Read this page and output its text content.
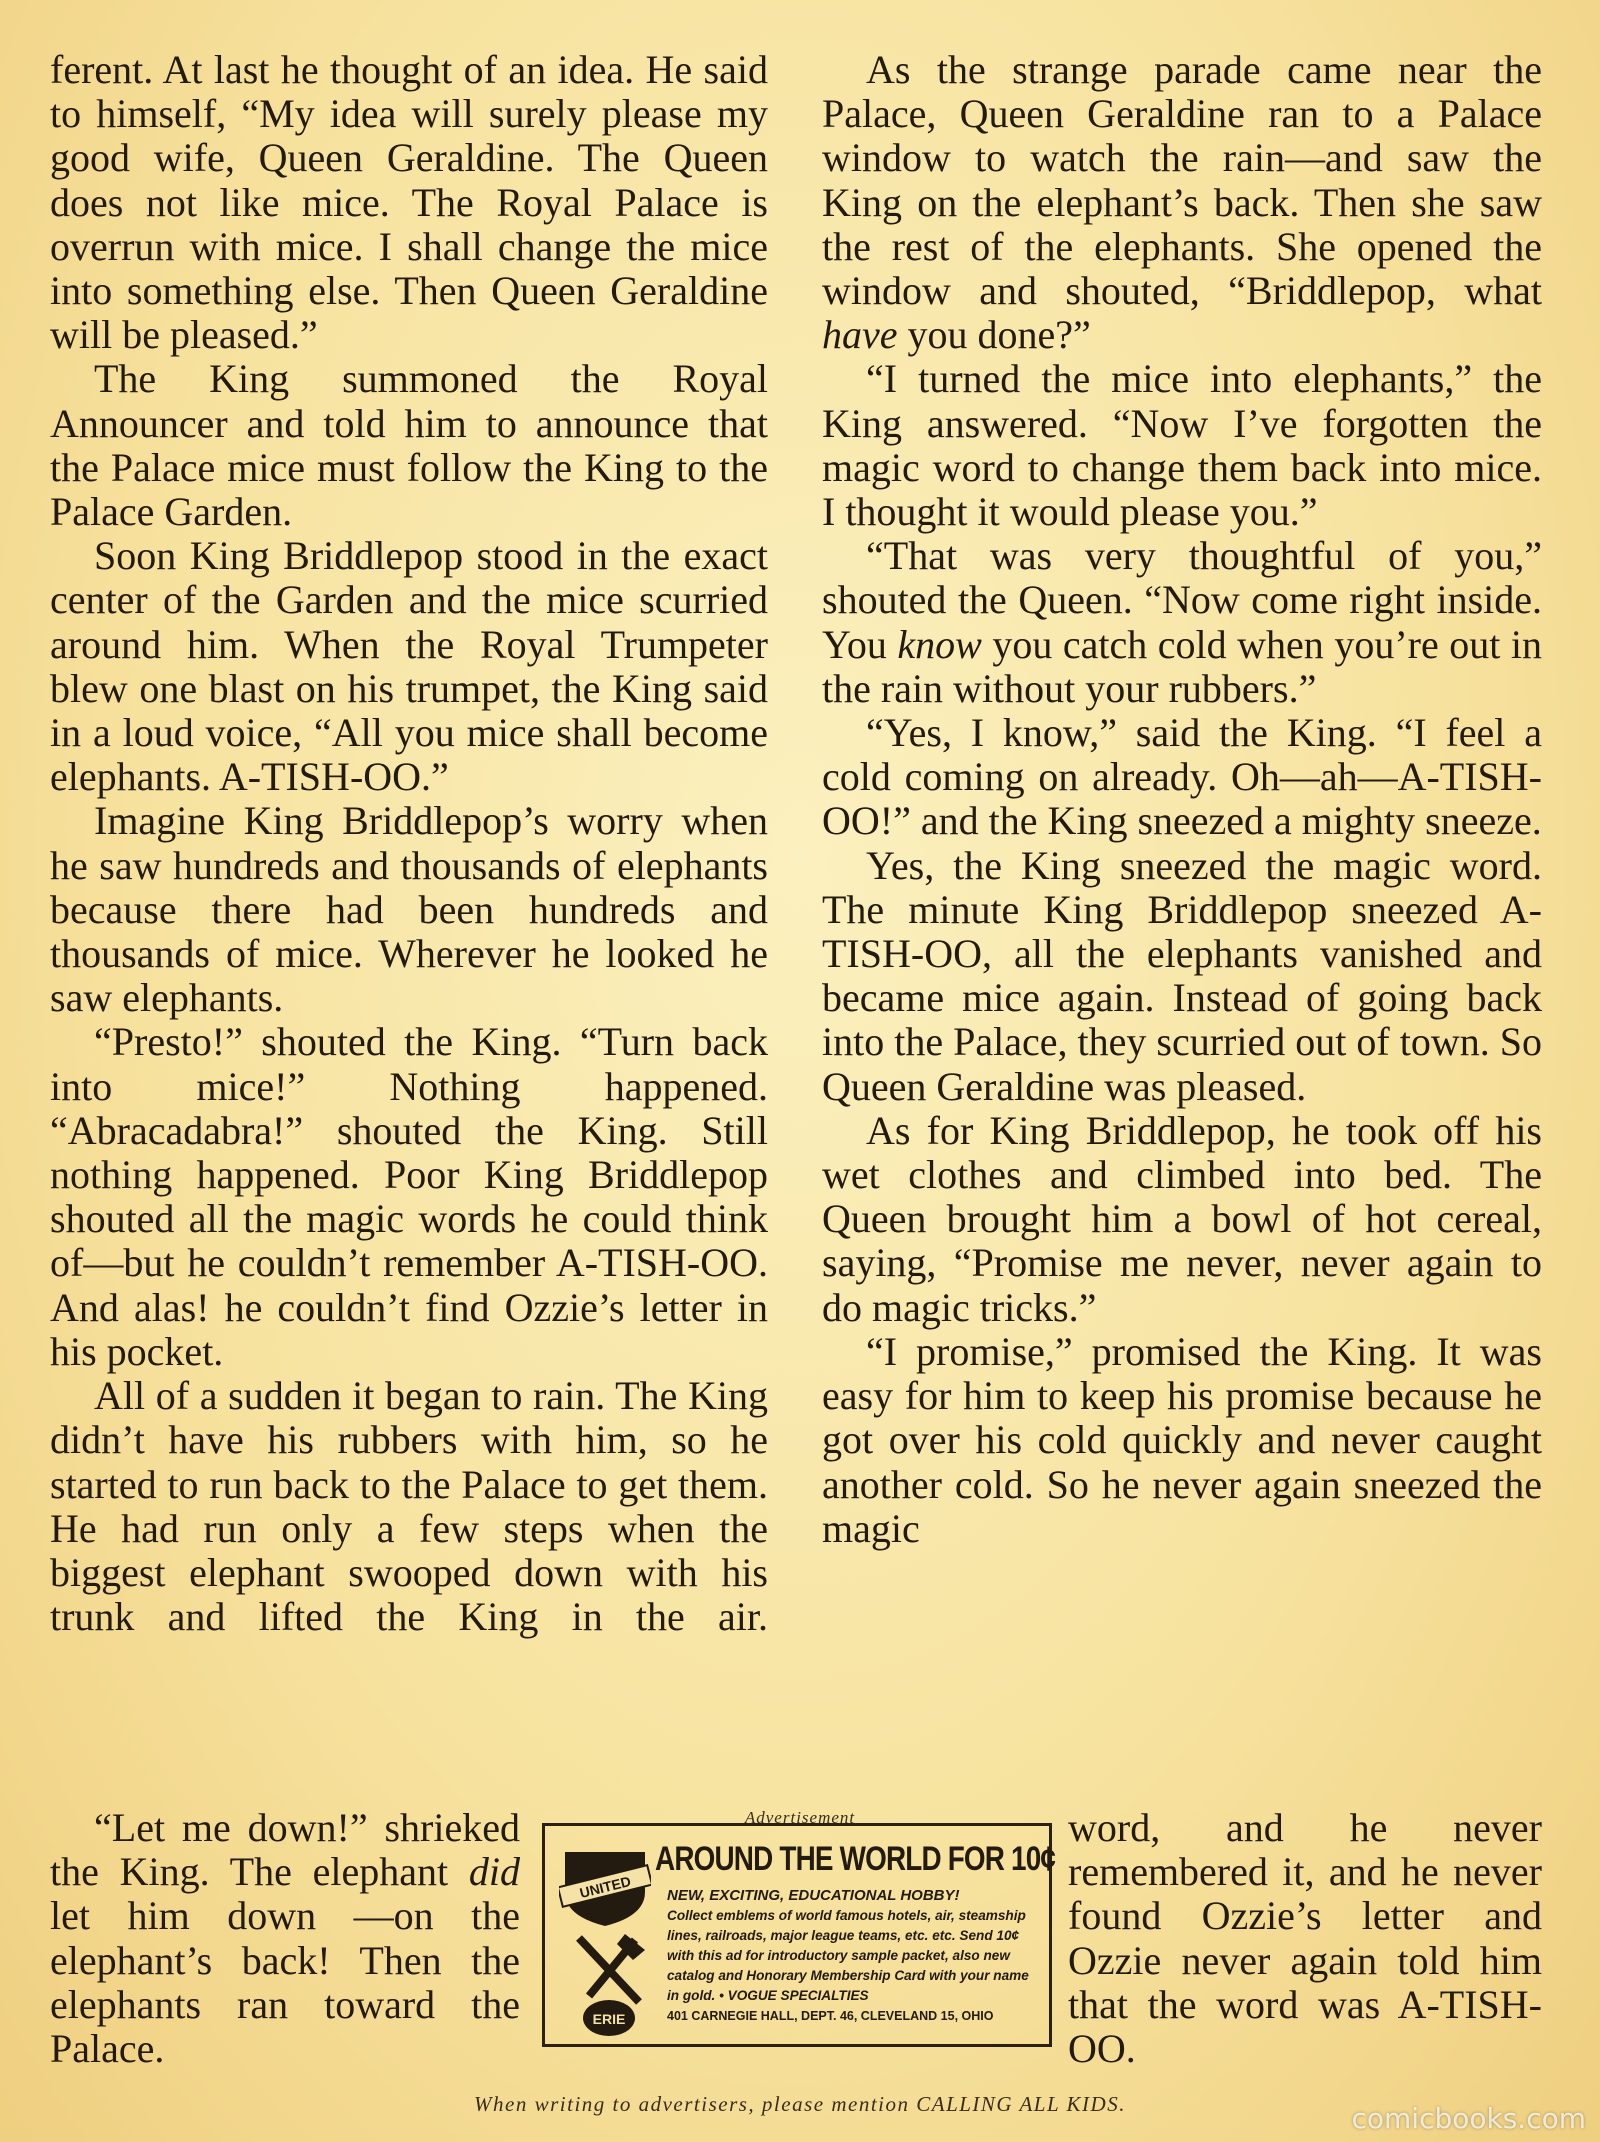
ferent. At last he thought of an idea. He said to himself, “My idea will surely please my good wife, Queen Geraldine. The Queen does not like mice. The Royal Palace is overrun with mice. I shall change the mice into something else. Then Queen Geraldine will be pleased.”

The King summoned the Royal Announcer and told him to announce that the Palace mice must follow the King to the Palace Garden.

Soon King Briddlepop stood in the exact center of the Garden and the mice scurried around him. When the Royal Trumpeter blew one blast on his trumpet, the King said in a loud voice, “All you mice shall become elephants. A-TISH-OO.”

Imagine King Briddlepop’s worry when he saw hundreds and thousands of elephants because there had been hundreds and thousands of mice. Wherever he looked he saw elephants.

“Presto!” shouted the King. “Turn back into mice!” Nothing happened. “Abracadabra!” shouted the King. Still nothing happened. Poor King Briddlepop shouted all the magic words he could think of—but he couldn’t remember A-TISH-OO. And alas! he couldn’t find Ozzie’s letter in his pocket.

All of a sudden it began to rain. The King didn’t have his rubbers with him, so he started to run back to the Palace to get them. He had run only a few steps when the biggest elephant swooped down with his trunk and lifted the King in the air.

As the strange parade came near the Palace, Queen Geraldine ran to a Palace window to watch the rain—and saw the King on the elephant’s back. Then she saw the rest of the elephants. She opened the window and shouted, “Briddlepop, what have you done?”

“I turned the mice into elephants,” the King answered. “Now I’ve forgotten the magic word to change them back into mice. I thought it would please you.”

“That was very thoughtful of you,” shouted the Queen. “Now come right inside. You know you catch cold when you’re out in the rain without your rubbers.”

“Yes, I know,” said the King. “I feel a cold coming on already. Oh—ah—A-TISH-OO!” and the King sneezed a mighty sneeze.

Yes, the King sneezed the magic word. The minute King Briddlepop sneezed A-TISH-OO, all the elephants vanished and became mice again. Instead of going back into the Palace, they scurried out of town. So Queen Geraldine was pleased.

As for King Briddlepop, he took off his wet clothes and climbed into bed. The Queen brought him a bowl of hot cereal, saying, “Promise me never, never again to do magic tricks.”

“I promise,” promised the King. It was easy for him to keep his promise because he got over his cold quickly and never caught another cold. So he never again sneezed the magic

“Let me down!” shrieked the King. The elephant did let him down —on the elephant’s back! Then the elephants ran toward the Palace.
word, and he never remembered it, and he never found Ozzie’s letter and Ozzie never again told him that the word was A-TISH-OO.
Advertisement
UNITED
AROUND THE WORLD FOR 10¢
ERIE
NEW, EXCITING, EDUCATIONAL HOBBY!
Collect emblems of world famous hotels, air, steamship lines, railroads, major league teams, etc. etc. Send 10¢ with this ad for introductory sample packet, also new catalog and Honorary Membership Card with your name in gold. • VOGUE SPECIALTIES
401 CARNEGIE HALL, DEPT. 46, CLEVELAND 15, OHIO
When writing to advertisers, please mention CALLING ALL KIDS.	comicbooks.com
